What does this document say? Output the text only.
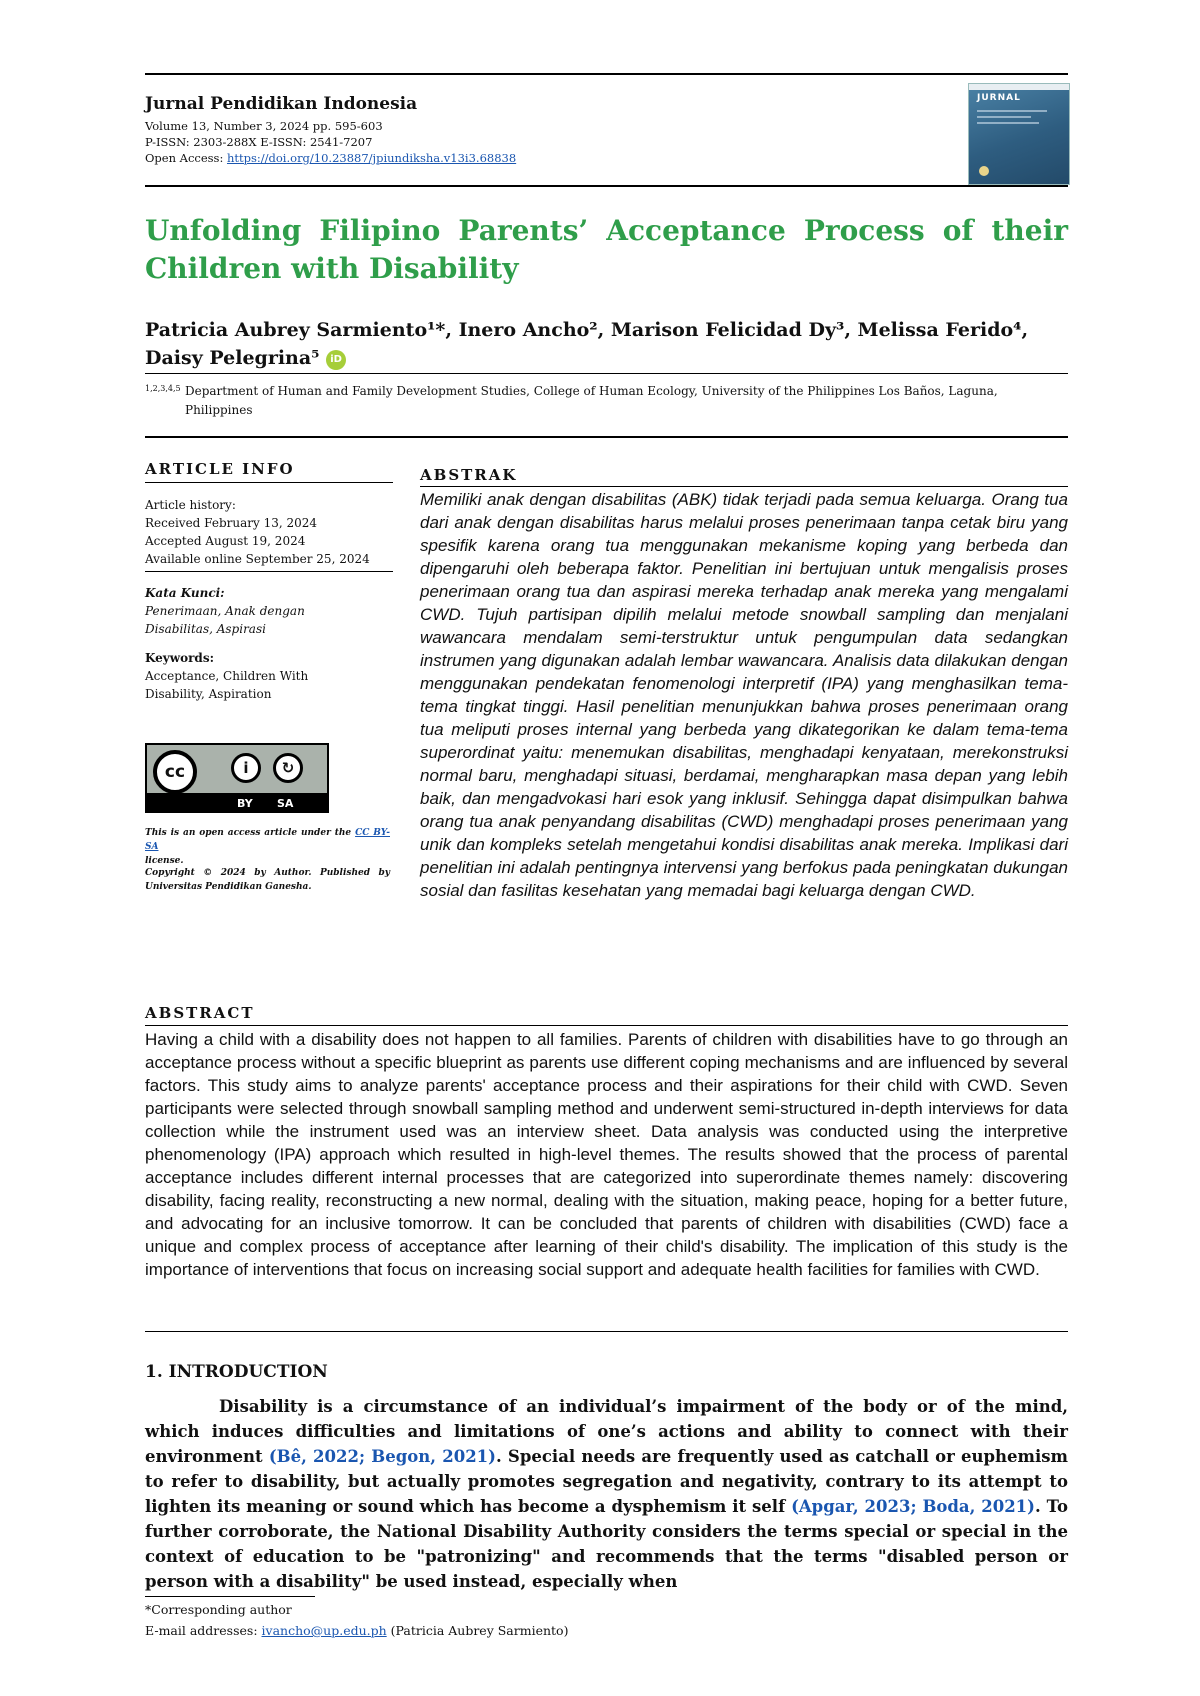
Jurnal Pendidikan Indonesia
Volume 13, Number 3, 2024 pp. 595-603
P-ISSN: 2303-288X E-ISSN: 2541-7207
Open Access: https://doi.org/10.23887/jpiundiksha.v13i3.68838
JURNAL
Unfolding Filipino Parents’ Acceptance Process of their Children with Disability
Patricia Aubrey Sarmiento¹*, Inero Ancho², Marison Felicidad Dy³, Melissa Ferido⁴,
Daisy Pelegrina⁵ iD
1,2,3,4,5 Department of Human and Family Development Studies, College of Human Ecology, University of the Philippines Los Baños, Laguna, Philippines
ARTICLE INFO
Article history:
Received February 13, 2024
Accepted August 19, 2024
Available online September 25, 2024
Kata Kunci:
Penerimaan, Anak dengan
Disabilitas, Aspirasi
Keywords:
Acceptance, Children With
Disability, Aspiration
cc	i	↻
BY SA
This is an open access article under the CC BY-SA
license.
Copyright © 2024 by Author. Published by Universitas Pendidikan Ganesha.
ABSTRAK
Memiliki anak dengan disabilitas (ABK) tidak terjadi pada semua keluarga. Orang tua dari anak dengan disabilitas harus melalui proses penerimaan tanpa cetak biru yang spesifik karena orang tua menggunakan mekanisme koping yang berbeda dan dipengaruhi oleh beberapa faktor. Penelitian ini bertujuan untuk mengalisis proses penerimaan orang tua dan aspirasi mereka terhadap anak mereka yang mengalami CWD. Tujuh partisipan dipilih melalui metode snowball sampling dan menjalani wawancara mendalam semi-terstruktur untuk pengumpulan data sedangkan instrumen yang digunakan adalah lembar wawancara. Analisis data dilakukan dengan menggunakan pendekatan fenomenologi interpretif (IPA) yang menghasilkan tema-tema tingkat tinggi. Hasil penelitian menunjukkan bahwa proses penerimaan orang tua meliputi proses internal yang berbeda yang dikategorikan ke dalam tema-tema superordinat yaitu: menemukan disabilitas, menghadapi kenyataan, merekonstruksi normal baru, menghadapi situasi, berdamai, mengharapkan masa depan yang lebih baik, dan mengadvokasi hari esok yang inklusif. Sehingga dapat disimpulkan bahwa orang tua anak penyandang disabilitas (CWD) menghadapi proses penerimaan yang unik dan kompleks setelah mengetahui kondisi disabilitas anak mereka. Implikasi dari penelitian ini adalah pentingnya intervensi yang berfokus pada peningkatan dukungan sosial dan fasilitas kesehatan yang memadai bagi keluarga dengan CWD.
ABSTRACT
Having a child with a disability does not happen to all families. Parents of children with disabilities have to go through an acceptance process without a specific blueprint as parents use different coping mechanisms and are influenced by several factors. This study aims to analyze parents' acceptance process and their aspirations for their child with CWD. Seven participants were selected through snowball sampling method and underwent semi-structured in-depth interviews for data collection while the instrument used was an interview sheet. Data analysis was conducted using the interpretive phenomenology (IPA) approach which resulted in high-level themes. The results showed that the process of parental acceptance includes different internal processes that are categorized into superordinate themes namely: discovering disability, facing reality, reconstructing a new normal, dealing with the situation, making peace, hoping for a better future, and advocating for an inclusive tomorrow. It can be concluded that parents of children with disabilities (CWD) face a unique and complex process of acceptance after learning of their child's disability. The implication of this study is the importance of interventions that focus on increasing social support and adequate health facilities for families with CWD.
1. INTRODUCTION
Disability is a circumstance of an individual’s impairment of the body or of the mind, which induces difficulties and limitations of one’s actions and ability to connect with their environment (Bê, 2022; Begon, 2021). Special needs are frequently used as catchall or euphemism to refer to disability, but actually promotes segregation and negativity, contrary to its attempt to lighten its meaning or sound which has become a dysphemism it self (Apgar, 2023; Boda, 2021). To further corroborate, the National Disability Authority considers the terms special or special in the context of education to be "patronizing" and recommends that the terms "disabled person or person with a disability" be used instead, especially when
*Corresponding author
E-mail addresses: ivancho@up.edu.ph (Patricia Aubrey Sarmiento)
